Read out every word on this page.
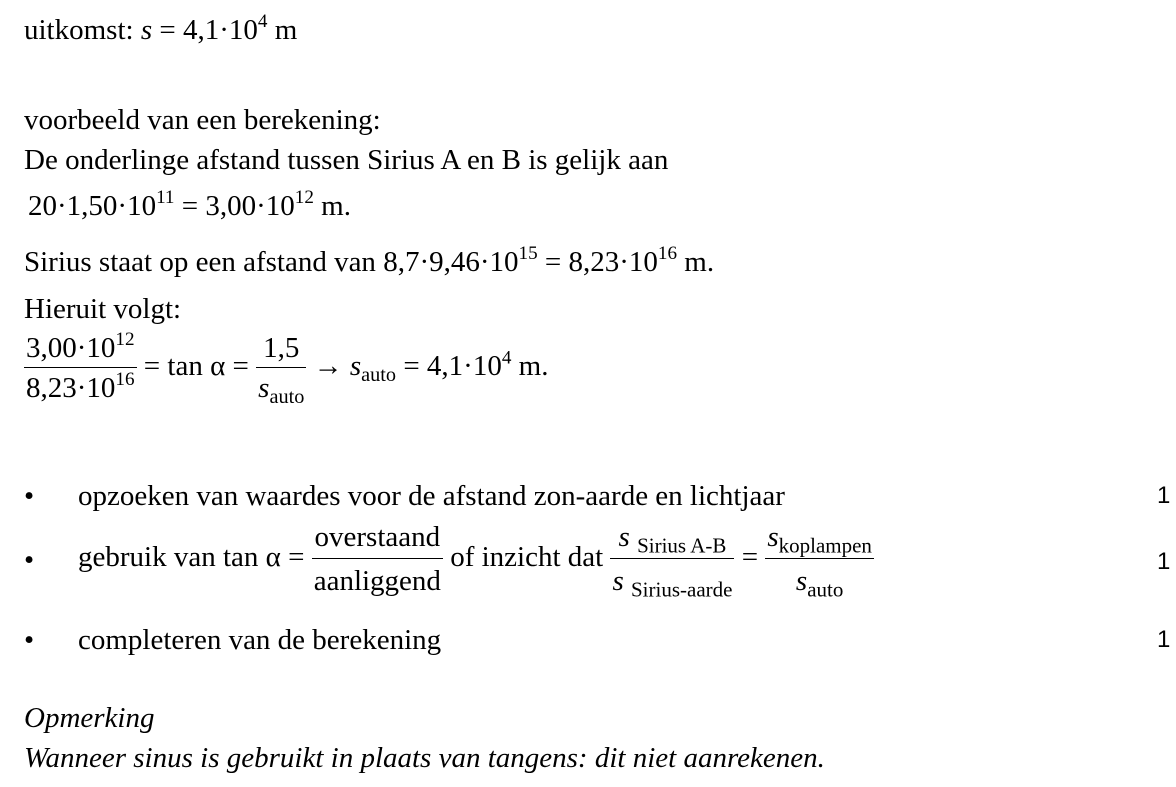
uitkomst: $s = 4,1\cdot 10^4$ m
voorbeeld van een berekening:
De onderlinge afstand tussen Sirius A en B is gelijk aan
$20\cdot 1,50\cdot 10^{11} = 3,00\cdot 10^{12}$ m.
Sirius staat op een afstand van $8,7\cdot 9,46\cdot 10^{15} = 8,23\cdot 10^{16}$ m.
Hieruit volgt:
$\frac{3,00\cdot 10^{12}}{8,23\cdot 10^{16}} = \tan \alpha = \frac{1,5}{s_{auto}} \to s_{auto} = 4,1\cdot 10^4$ m.
• opzoeken van waardes voor de afstand zon-aarde en lichtjaar	1
• gebruik van $\tan \alpha = \frac{\text{overstaand}}{\text{aanliggend}}$ of inzicht dat $\frac{s _{Sirius A-B}}{s _{Sirius-aarde}} = \frac{s_{koplampen}}{s_{auto}}$	1
• completeren van de berekening	1
Opmerking
Wanneer sinus is gebruikt in plaats van tangens: dit niet aanrekenen.
